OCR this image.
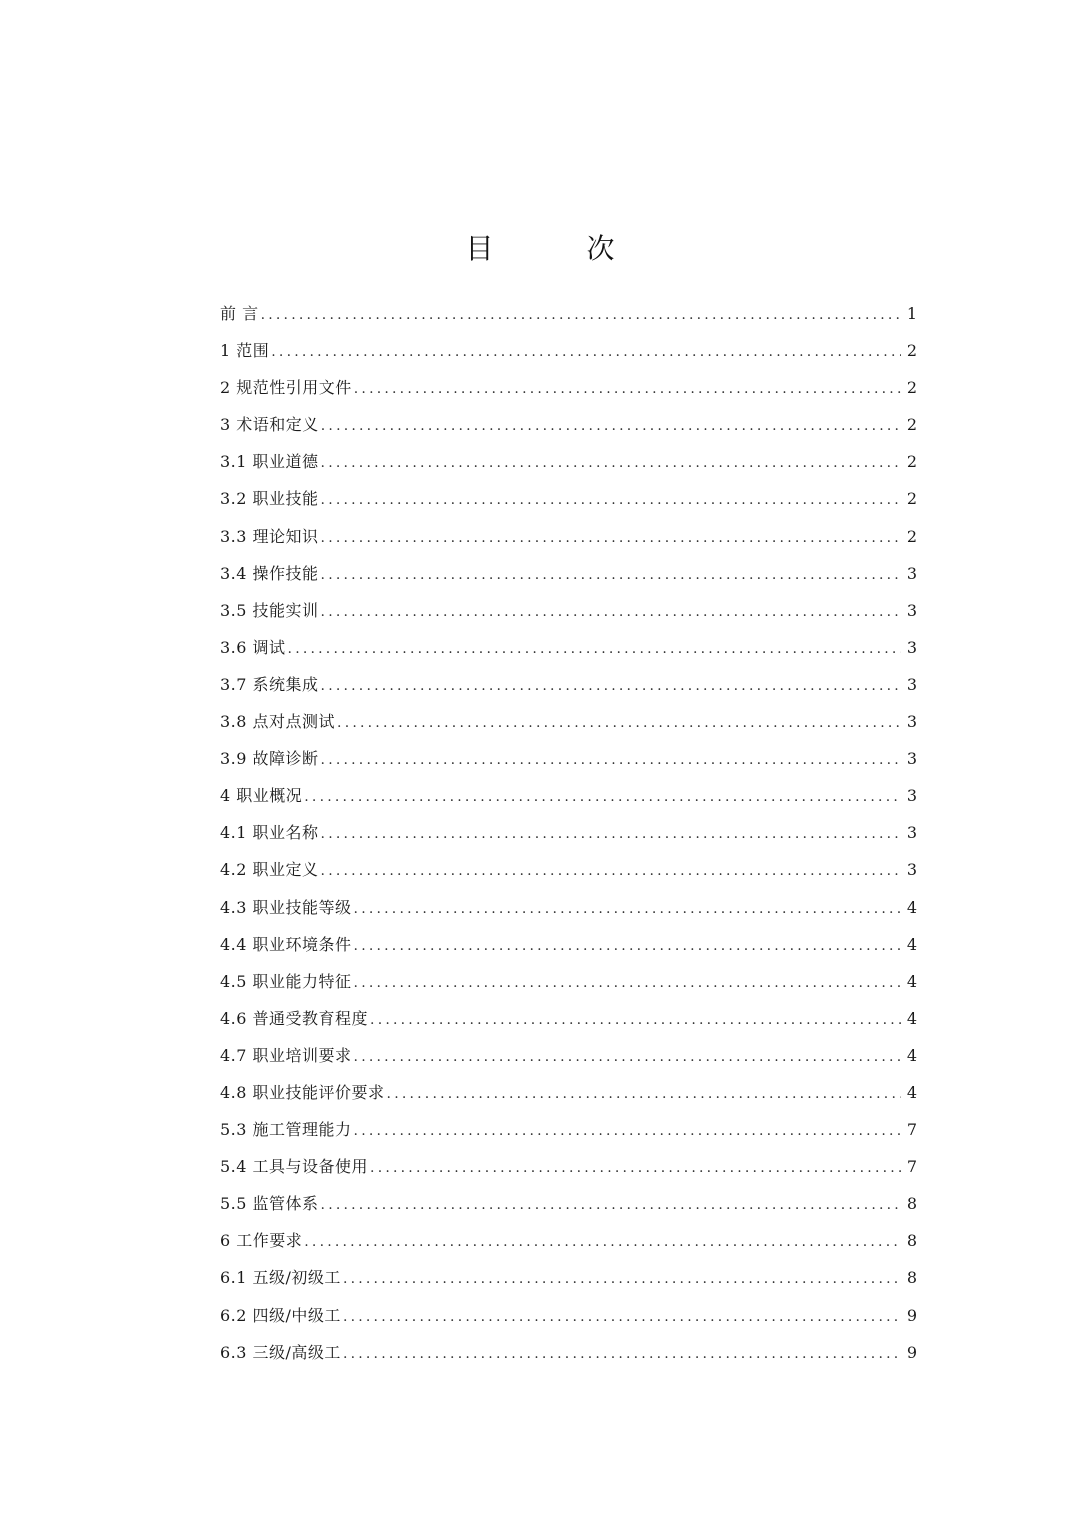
目 次
前 言 .....	1
1 范围 .....	2
2 规范性引用文件 .....	2
3 术语和定义 .....	2
3.1 职业道德 .....	2
3.2 职业技能 .....	2
3.3 理论知识 .....	2
3.4 操作技能 .....	3
3.5 技能实训 .....	3
3.6 调试 .....	3
3.7 系统集成 .....	3
3.8 点对点测试 .....	3
3.9 故障诊断 .....	3
4 职业概况 .....	3
4.1 职业名称 .....	3
4.2 职业定义 .....	3
4.3 职业技能等级 .....	4
4.4 职业环境条件 .....	4
4.5 职业能力特征 .....	4
4.6 普通受教育程度 .....	4
4.7 职业培训要求 .....	4
4.8 职业技能评价要求 .....	4
5.3 施工管理能力 .....	7
5.4 工具与设备使用 .....	7
5.5 监管体系 .....	8
6 工作要求 .....	8
6.1 五级/初级工 .....	8
6.2 四级/中级工 .....	9
6.3 三级/高级工 .....	9
